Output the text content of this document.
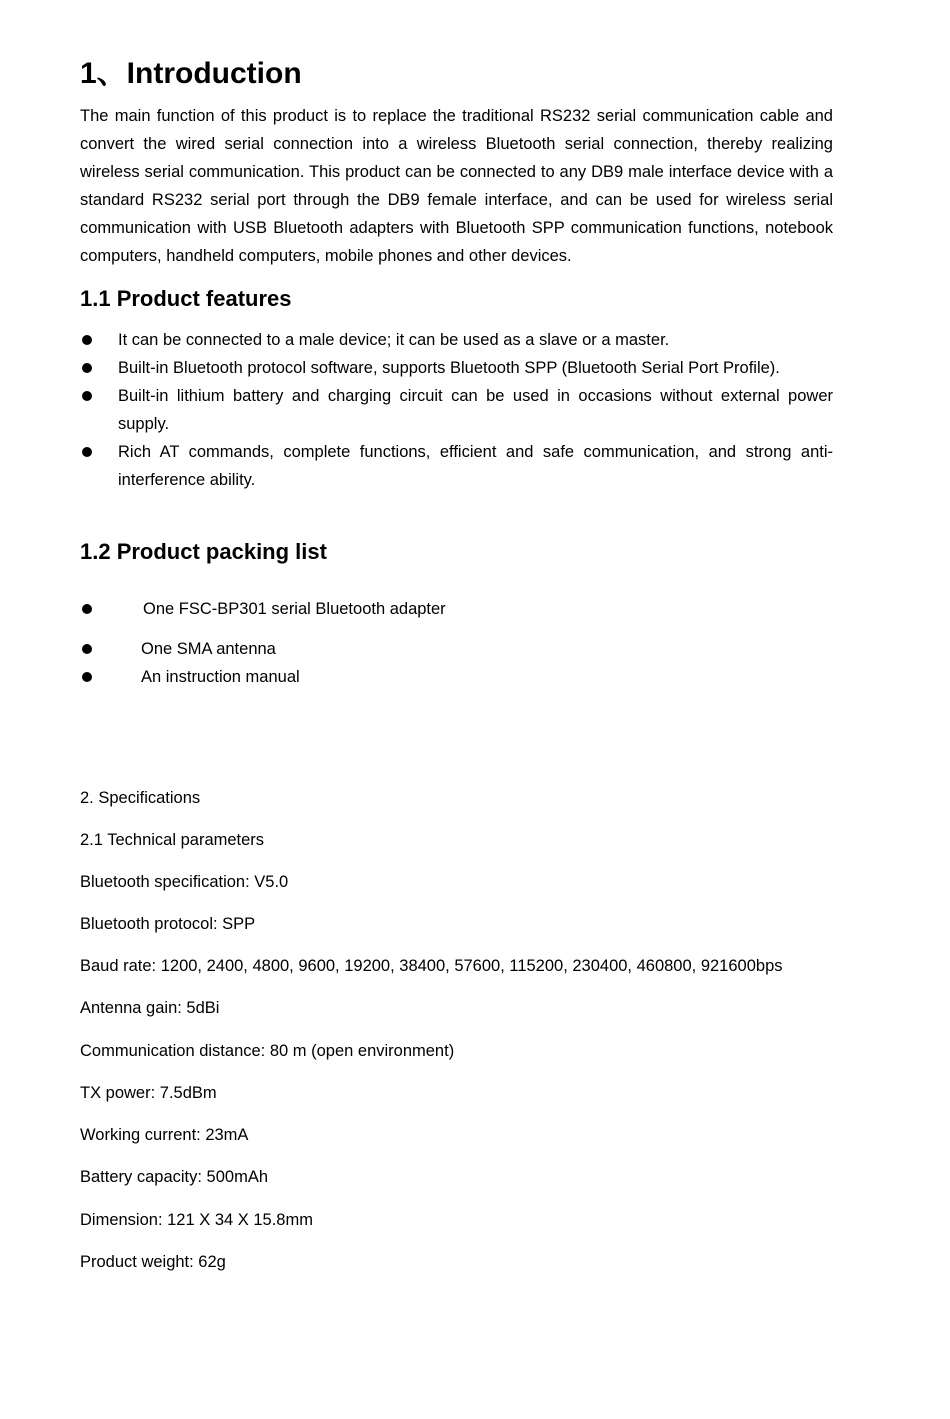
1、Introduction

The main function of this product is to replace the traditional RS232 serial communication cable and convert the wired serial connection into a wireless Bluetooth serial connection, thereby realizing wireless serial communication. This product can be connected to any DB9 male interface device with a standard RS232 serial port through the DB9 female interface, and can be used for wireless serial communication with USB Bluetooth adapters with Bluetooth SPP communication functions, notebook computers, handheld computers, mobile phones and other devices.

1.1 Product features
It can be connected to a male device; it can be used as a slave or a master.
Built-in Bluetooth protocol software, supports Bluetooth SPP (Bluetooth Serial Port Profile).
Built-in lithium battery and charging circuit can be used in occasions without external power supply.
Rich AT commands, complete functions, efficient and safe communication, and strong anti-interference ability.
1.2 Product packing list
One FSC-BP301 serial Bluetooth adapter
One SMA antenna
An instruction manual
2. Specifications
2.1 Technical parameters
Bluetooth specification: V5.0
Bluetooth protocol: SPP
Baud rate: 1200, 2400, 4800, 9600, 19200, 38400, 57600, 115200, 230400, 460800, 921600bps
Antenna gain: 5dBi
Communication distance: 80 m (open environment)
TX power: 7.5dBm
Working current: 23mA
Battery capacity: 500mAh
Dimension: 121 X 34 X 15.8mm
Product weight: 62g
